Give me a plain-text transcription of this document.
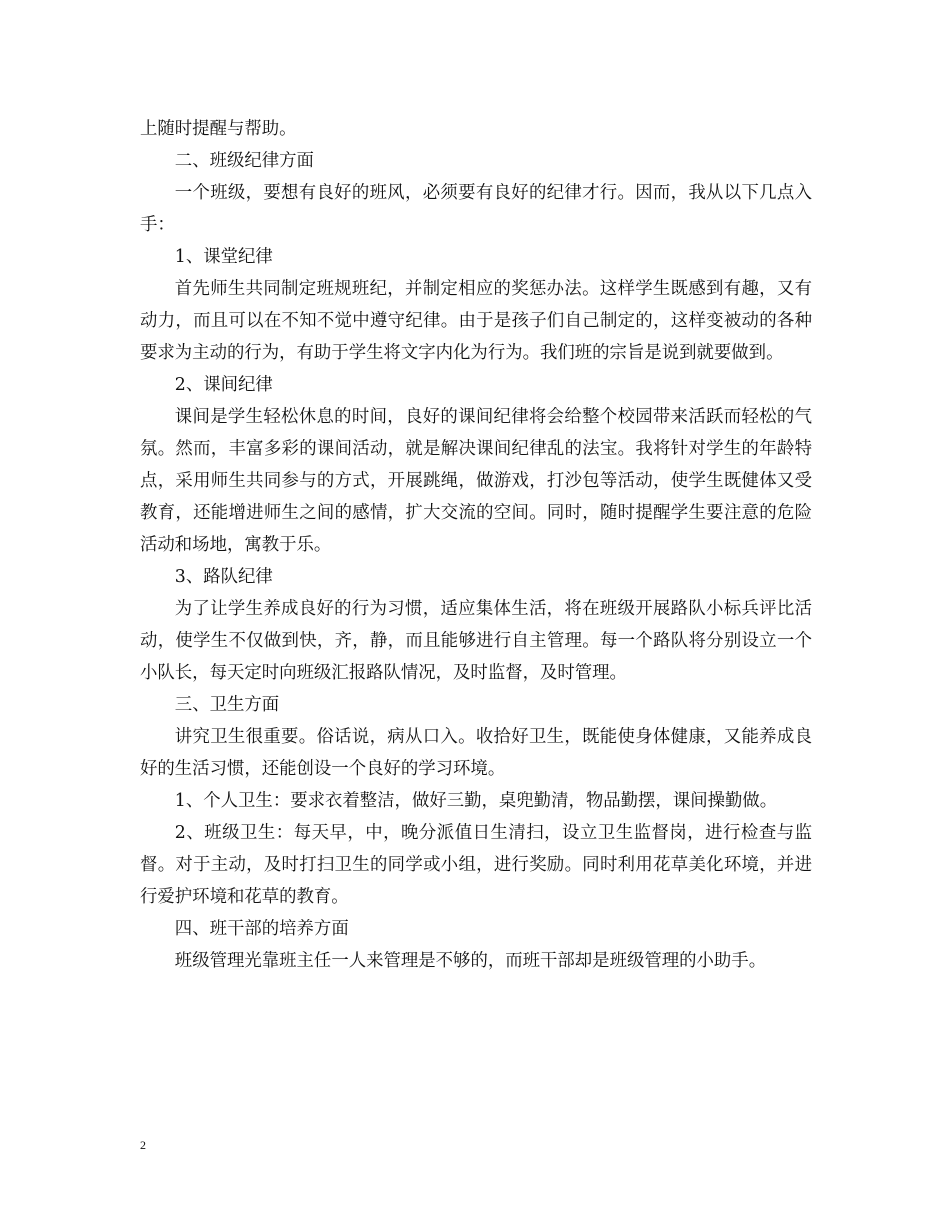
上随时提醒与帮助。

二、班级纪律方面

一个班级，要想有良好的班风，必须要有良好的纪律才行。因而，我从以下几点入手：

1、课堂纪律

首先师生共同制定班规班纪，并制定相应的奖惩办法。这样学生既感到有趣，又有动力，而且可以在不知不觉中遵守纪律。由于是孩子们自己制定的，这样变被动的各种要求为主动的行为，有助于学生将文字内化为行为。我们班的宗旨是说到就要做到。

2、课间纪律

课间是学生轻松休息的时间，良好的课间纪律将会给整个校园带来活跃而轻松的气氛。然而，丰富多彩的课间活动，就是解决课间纪律乱的法宝。我将针对学生的年龄特点，采用师生共同参与的方式，开展跳绳，做游戏，打沙包等活动，使学生既健体又受教育，还能增进师生之间的感情，扩大交流的空间。同时，随时提醒学生要注意的危险活动和场地，寓教于乐。

3、路队纪律

为了让学生养成良好的行为习惯，适应集体生活，将在班级开展路队小标兵评比活动，使学生不仅做到快，齐，静，而且能够进行自主管理。每一个路队将分别设立一个小队长，每天定时向班级汇报路队情况，及时监督，及时管理。

三、卫生方面

讲究卫生很重要。俗话说，病从口入。收拾好卫生，既能使身体健康，又能养成良好的生活习惯，还能创设一个良好的学习环境。

1、个人卫生：要求衣着整洁，做好三勤，桌兜勤清，物品勤摆，课间操勤做。

2、班级卫生：每天早，中，晚分派值日生清扫，设立卫生监督岗，进行检查与监督。对于主动，及时打扫卫生的同学或小组，进行奖励。同时利用花草美化环境，并进行爱护环境和花草的教育。

四、班干部的培养方面

班级管理光靠班主任一人来管理是不够的，而班干部却是班级管理的小助手。

2
